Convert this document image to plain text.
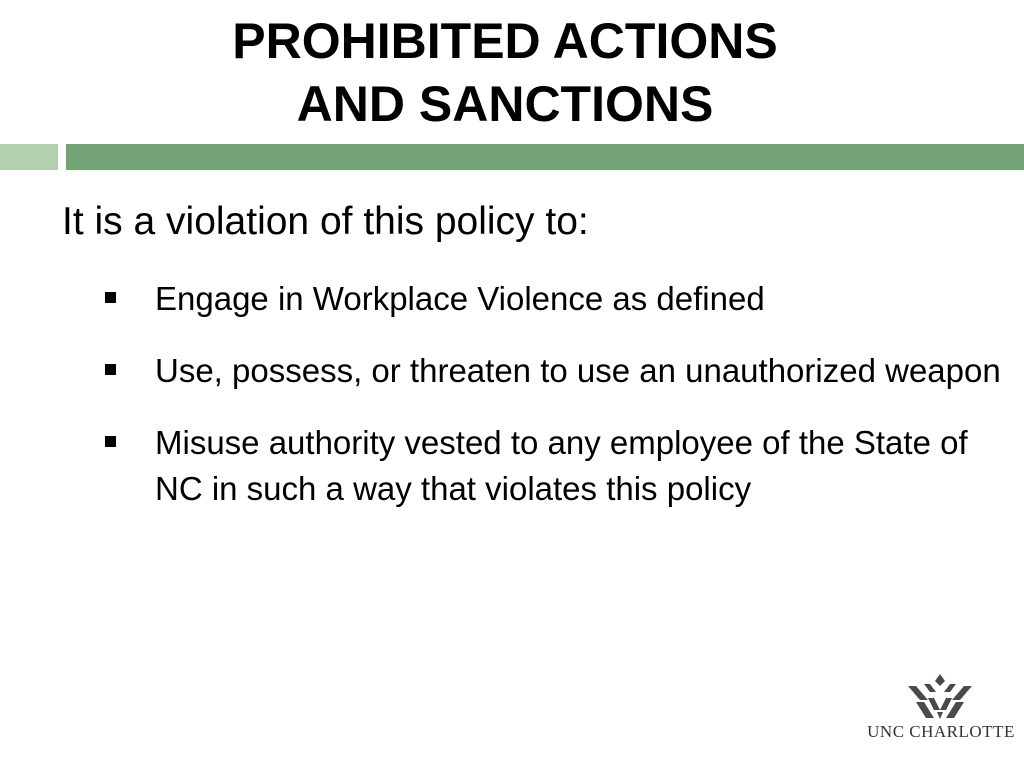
PROHIBITED ACTIONS
AND SANCTIONS
It is a violation of this policy to:
Engage in Workplace Violence as defined
Use, possess, or threaten to use an unauthorized weapon
Misuse authority vested to any employee of the State of NC in such a way that violates this policy
UNC CHARLOTTE
